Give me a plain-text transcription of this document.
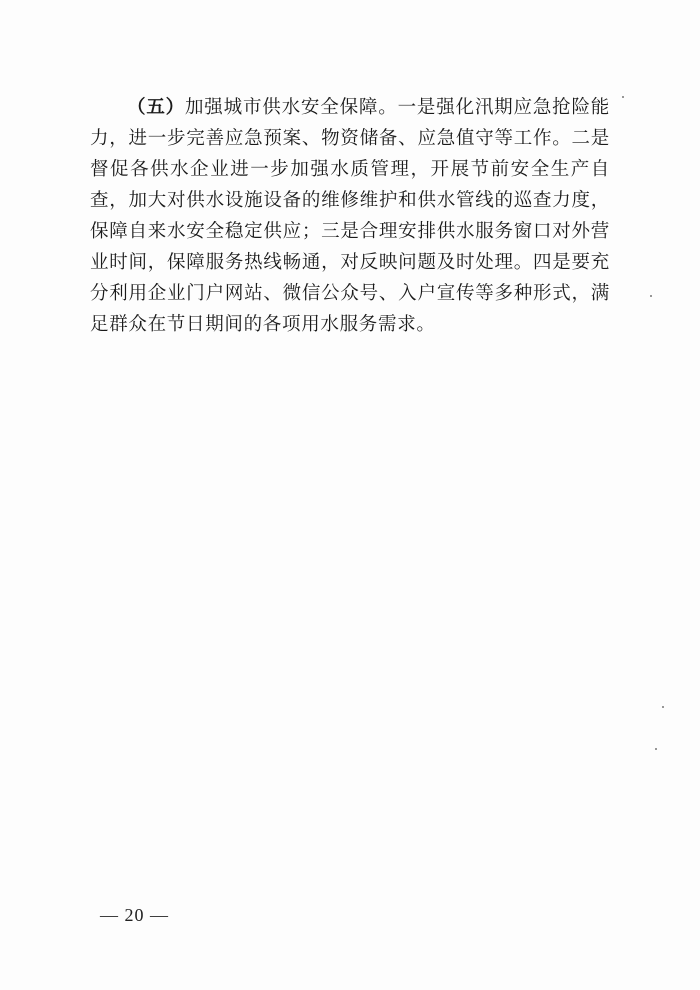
（五）加强城市供水安全保障。一是强化汛期应急抢险能力，进一步完善应急预案、物资储备、应急值守等工作。二是督促各供水企业进一步加强水质管理，开展节前安全生产自查，加大对供水设施设备的维修维护和供水管线的巡查力度，保障自来水安全稳定供应；三是合理安排供水服务窗口对外营业时间，保障服务热线畅通，对反映问题及时处理。四是要充分利用企业门户网站、微信公众号、入户宣传等多种形式，满足群众在节日期间的各项用水服务需求。

— 20 —
